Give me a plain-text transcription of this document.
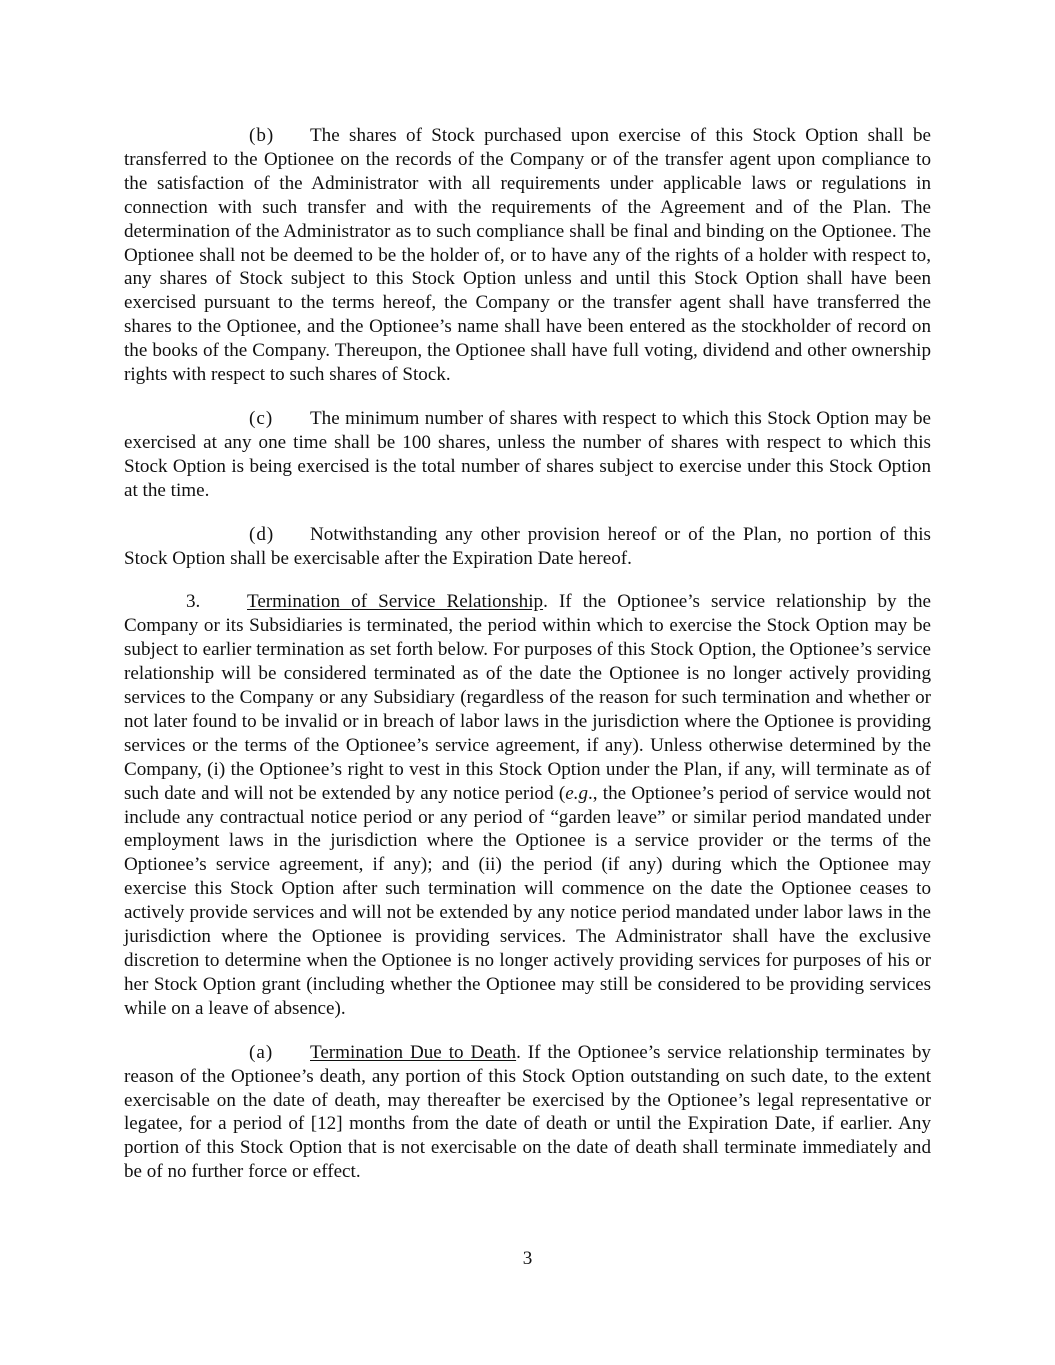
(b) The shares of Stock purchased upon exercise of this Stock Option shall be transferred to the Optionee on the records of the Company or of the transfer agent upon compliance to the satisfaction of the Administrator with all requirements under applicable laws or regulations in connection with such transfer and with the requirements of the Agreement and of the Plan. The determination of the Administrator as to such compliance shall be final and binding on the Optionee. The Optionee shall not be deemed to be the holder of, or to have any of the rights of a holder with respect to, any shares of Stock subject to this Stock Option unless and until this Stock Option shall have been exercised pursuant to the terms hereof, the Company or the transfer agent shall have transferred the shares to the Optionee, and the Optionee’s name shall have been entered as the stockholder of record on the books of the Company. Thereupon, the Optionee shall have full voting, dividend and other ownership rights with respect to such shares of Stock.

(c) The minimum number of shares with respect to which this Stock Option may be exercised at any one time shall be 100 shares, unless the number of shares with respect to which this Stock Option is being exercised is the total number of shares subject to exercise under this Stock Option at the time.

(d) Notwithstanding any other provision hereof or of the Plan, no portion of this Stock Option shall be exercisable after the Expiration Date hereof.

3. Termination of Service Relationship. If the Optionee’s service relationship by the Company or its Subsidiaries is terminated, the period within which to exercise the Stock Option may be subject to earlier termination as set forth below. For purposes of this Stock Option, the Optionee’s service relationship will be considered terminated as of the date the Optionee is no longer actively providing services to the Company or any Subsidiary (regardless of the reason for such termination and whether or not later found to be invalid or in breach of labor laws in the jurisdiction where the Optionee is providing services or the terms of the Optionee’s service agreement, if any). Unless otherwise determined by the Company, (i) the Optionee’s right to vest in this Stock Option under the Plan, if any, will terminate as of such date and will not be extended by any notice period (e.g., the Optionee’s period of service would not include any contractual notice period or any period of “garden leave” or similar period mandated under employment laws in the jurisdiction where the Optionee is a service provider or the terms of the Optionee’s service agreement, if any); and (ii) the period (if any) during which the Optionee may exercise this Stock Option after such termination will commence on the date the Optionee ceases to actively provide services and will not be extended by any notice period mandated under labor laws in the jurisdiction where the Optionee is providing services. The Administrator shall have the exclusive discretion to determine when the Optionee is no longer actively providing services for purposes of his or her Stock Option grant (including whether the Optionee may still be considered to be providing services while on a leave of absence).

(a) Termination Due to Death. If the Optionee’s service relationship terminates by reason of the Optionee’s death, any portion of this Stock Option outstanding on such date, to the extent exercisable on the date of death, may thereafter be exercised by the Optionee’s legal representative or legatee, for a period of [12] months from the date of death or until the Expiration Date, if earlier. Any portion of this Stock Option that is not exercisable on the date of death shall terminate immediately and be of no further force or effect.

3
